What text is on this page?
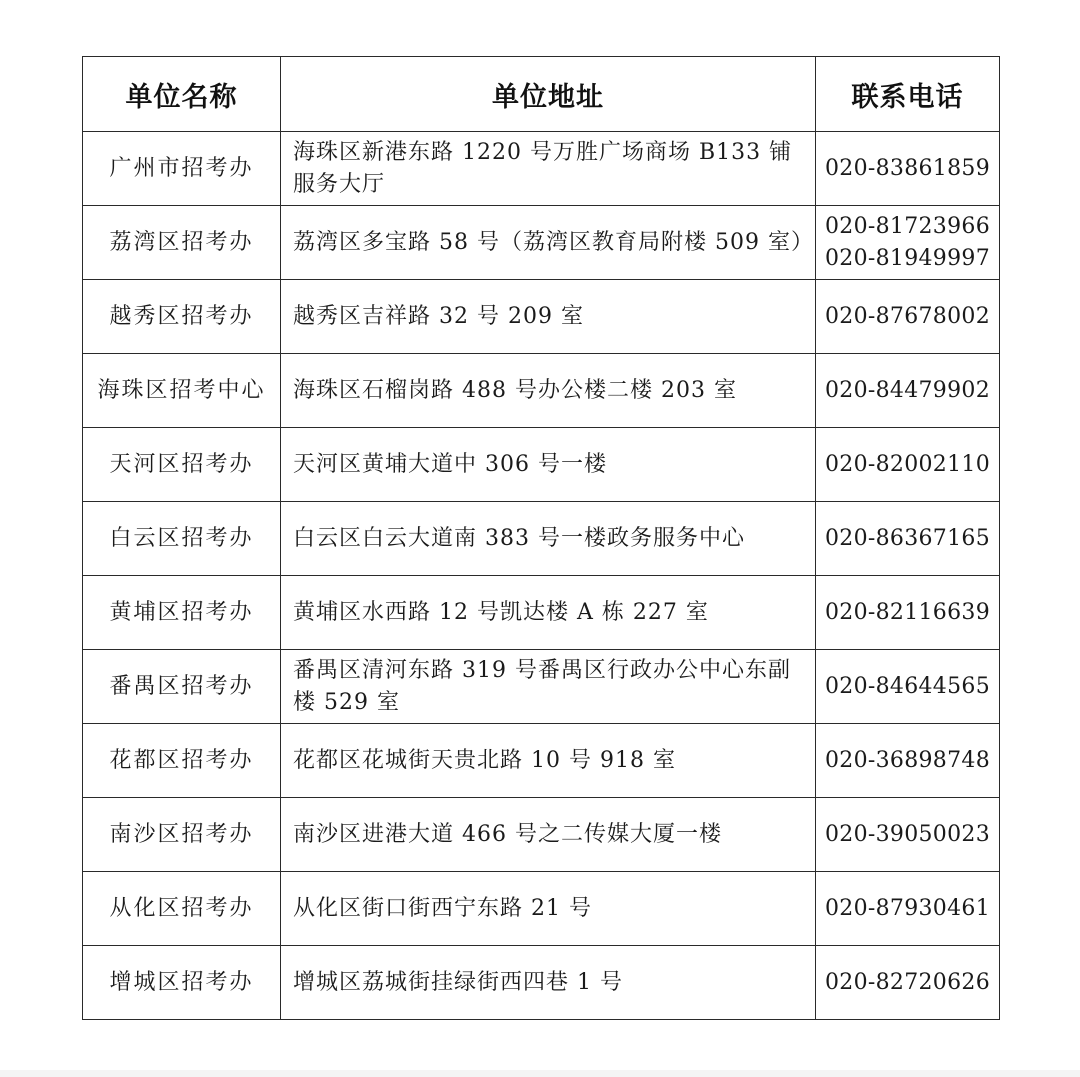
单位名称	单位地址	联系电话
广州市招考办	海珠区新港东路 1220 号万胜广场商场 B133 铺服务大厅	020-83861859

荔湾区招考办	荔湾区多宝路 58 号（荔湾区教育局附楼 509 室）	020-81723966
020-81949997

越秀区招考办	越秀区吉祥路 32 号 209 室	020-87678002

海珠区招考中心	海珠区石榴岗路 488 号办公楼二楼 203 室	020-84479902

天河区招考办	天河区黄埔大道中 306 号一楼	020-82002110

白云区招考办	白云区白云大道南 383 号一楼政务服务中心	020-86367165

黄埔区招考办	黄埔区水西路 12 号凯达楼 A 栋 227 室	020-82116639

番禺区招考办	番禺区清河东路 319 号番禺区行政办公中心东副楼 529 室	020-84644565

花都区招考办	花都区花城街天贵北路 10 号 918 室	020-36898748

南沙区招考办	南沙区进港大道 466 号之二传媒大厦一楼	020-39050023

从化区招考办	从化区街口街西宁东路 21 号	020-87930461

增城区招考办	增城区荔城街挂绿街西四巷 1 号	020-82720626
